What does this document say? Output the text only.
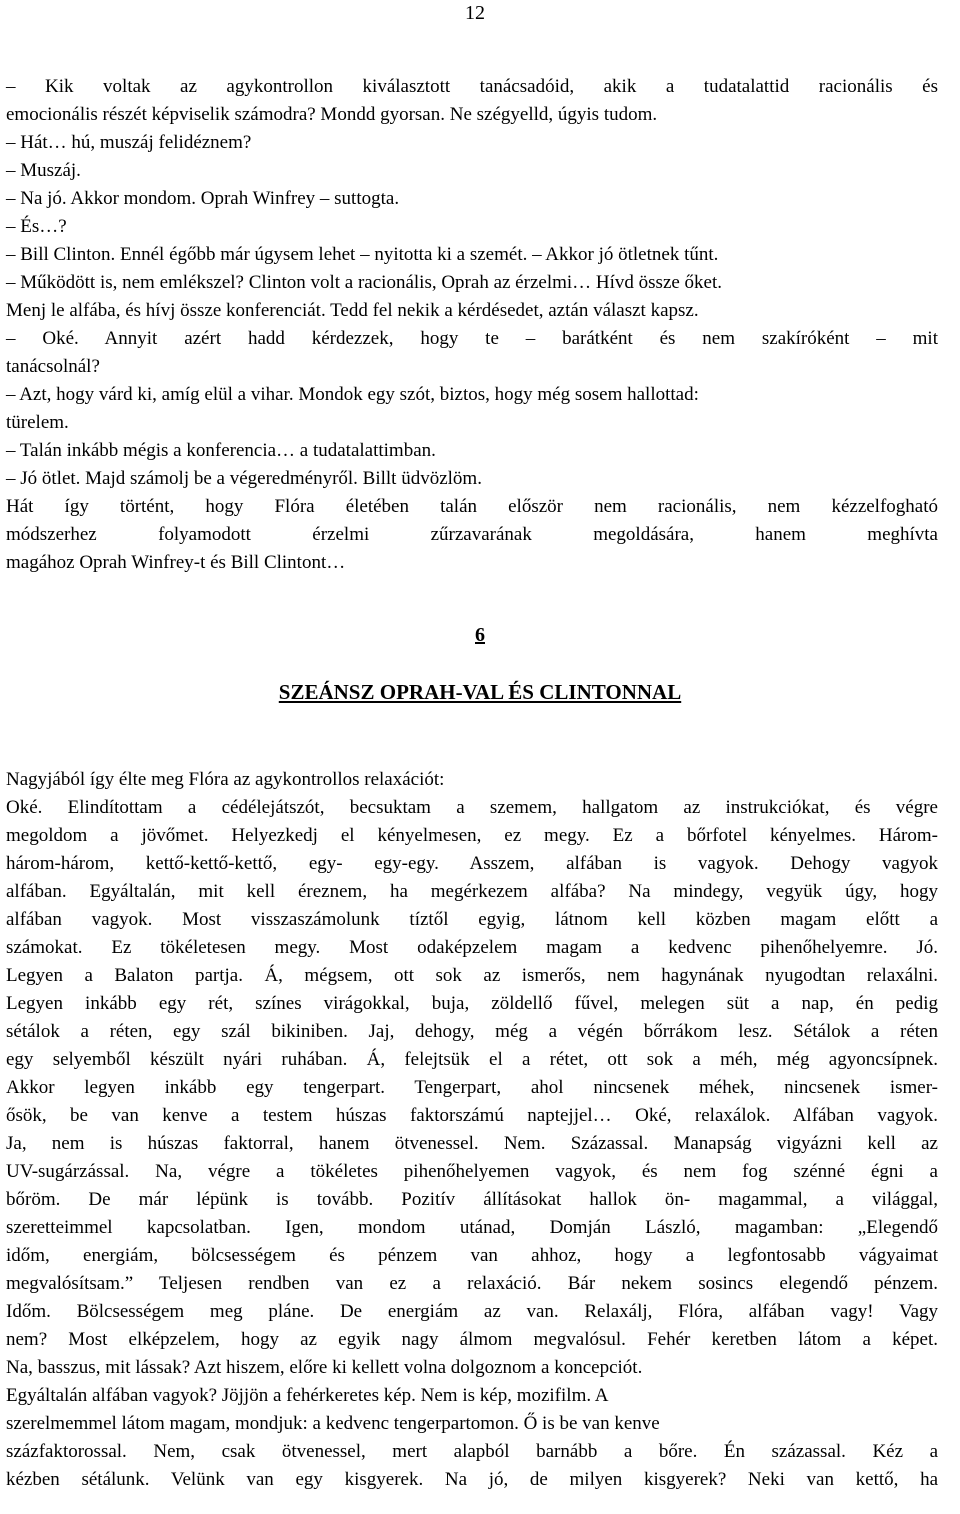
12
– Kik voltak az agykontrollon kiválasztott tanácsadóid, akik a tudatalattid racionális és
emocionális részét képviselik számodra? Mondd gyorsan. Ne szégyelld, úgyis tudom.
– Hát… hú, muszáj felidéznem?
– Muszáj.
– Na jó. Akkor mondom. Oprah Winfrey – suttogta.
– És…?
– Bill Clinton. Ennél égőbb már úgysem lehet – nyitotta ki a szemét. – Akkor jó ötletnek tűnt.
– Működött is, nem emlékszel? Clinton volt a racionális, Oprah az érzelmi… Hívd össze őket.
Menj le alfába, és hívj össze konferenciát. Tedd fel nekik a kérdésedet, aztán választ kapsz.
– Oké. Annyit azért hadd kérdezzek, hogy te – barátként és nem szakíróként – mit
tanácsolnál?
– Azt, hogy várd ki, amíg elül a vihar. Mondok egy szót, biztos, hogy még sosem hallottad:
türelem.
– Talán inkább mégis a konferencia… a tudatalattimban.
– Jó ötlet. Majd számolj be a végeredményről. Billt üdvözlöm.
Hát így történt, hogy Flóra életében talán először nem racionális, nem kézzelfogható
módszerhez folyamodott érzelmi zűrzavarának megoldására, hanem meghívta
magához Oprah Winfrey-t és Bill Clintont…
6
SZEÁNSZ OPRAH-VAL ÉS CLINTONNAL
Nagyjából így élte meg Flóra az agykontrollos relaxációt:
Oké. Elindítottam a cédélejátszót, becsuktam a szemem, hallgatom az instrukciókat, és végre
megoldom a jövőmet. Helyezkedj el kényelmesen, ez megy. Ez a bőrfotel kényelmes. Három-
három-három, kettő-kettő-kettő, egy- egy-egy. Asszem, alfában is vagyok. Dehogy vagyok
alfában. Egyáltalán, mit kell éreznem, ha megérkezem alfába? Na mindegy, vegyük úgy, hogy
alfában vagyok. Most visszaszámolunk tíztől egyig, látnom kell közben magam előtt a
számokat. Ez tökéletesen megy. Most odaképzelem magam a kedvenc pihenőhelyemre. Jó.
Legyen a Balaton partja. Á, mégsem, ott sok az ismerős, nem hagynának nyugodtan relaxálni.
Legyen inkább egy rét, színes virágokkal, buja, zöldellő fűvel, melegen süt a nap, én pedig
sétálok a réten, egy szál bikiniben. Jaj, dehogy, még a végén bőrrákom lesz. Sétálok a réten
egy selyemből készült nyári ruhában. Á, felejtsük el a rétet, ott sok a méh, még agyoncsípnek.
Akkor legyen inkább egy tengerpart. Tengerpart, ahol nincsenek méhek, nincsenek ismer-
ősök, be van kenve a testem húszas faktorszámú naptejjel… Oké, relaxálok. Alfában vagyok.
Ja, nem is húszas faktorral, hanem ötvenessel. Nem. Százassal. Manapság vigyázni kell az
UV-sugárzással. Na, végre a tökéletes pihenőhelyemen vagyok, és nem fog szénné égni a
bőröm. De már lépünk is tovább. Pozitív állításokat hallok ön- magammal, a világgal,
szeretteimmel kapcsolatban. Igen, mondom utánad, Domján László, magamban: „Elegendő
időm, energiám, bölcsességem és pénzem van ahhoz, hogy a legfontosabb vágyaimat
megvalósítsam.” Teljesen rendben van ez a relaxáció. Bár nekem sosincs elegendő pénzem.
Időm. Bölcsességem meg pláne. De energiám az van. Relaxálj, Flóra, alfában vagy! Vagy
nem? Most elképzelem, hogy az egyik nagy álmom megvalósul. Fehér keretben látom a képet.
Na, basszus, mit lássak? Azt hiszem, előre ki kellett volna dolgoznom a koncepciót.
Egyáltalán alfában vagyok? Jöjjön a fehérkeretes kép. Nem is kép, mozifilm. A
szerelmemmel látom magam, mondjuk: a kedvenc tengerpartomon. Ő is be van kenve
százfaktorossal. Nem, csak ötvenessel, mert alapból barnább a bőre. Én százassal. Kéz a
kézben sétálunk. Velünk van egy kisgyerek. Na jó, de milyen kisgyerek? Neki van kettő, ha
